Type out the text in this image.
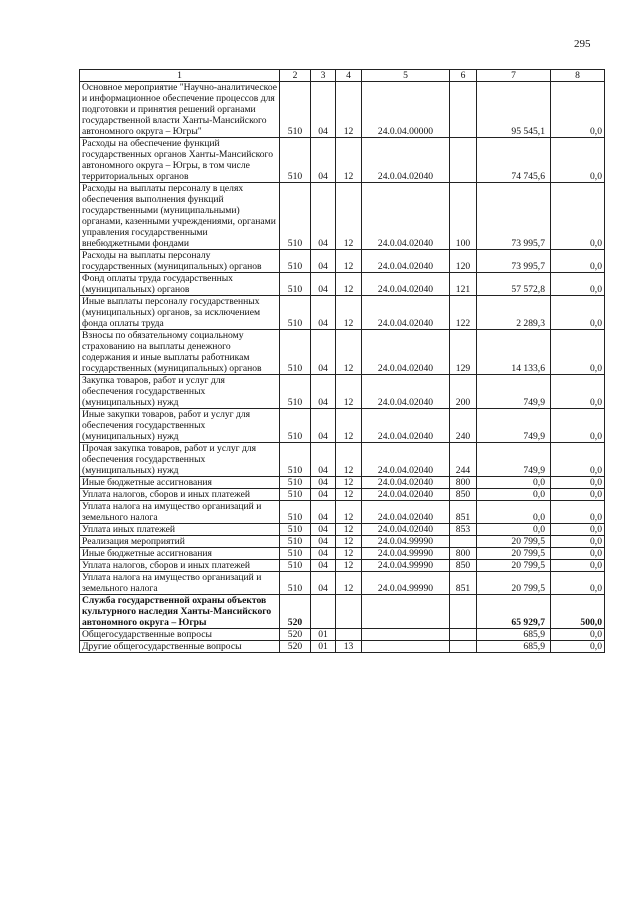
295
1	2	3	4	5	6	7	8
Основное мероприятие "Научно-аналитическое и информационное обеспечение процессов для подготовки и принятия решений органами государственной власти Ханты-Мансийского автономного округа – Югры"	510	04	12	24.0.04.00000		95 545,1	0,0
Расходы на обеспечение функций государственных органов Ханты-Мансийского автономного округа – Югры, в том числе территориальных органов	510	04	12	24.0.04.02040		74 745,6	0,0
Расходы на выплаты персоналу в целях обеспечения выполнения функций государственными (муниципальными) органами, казенными учреждениями, органами управления государственными внебюджетными фондами	510	04	12	24.0.04.02040	100	73 995,7	0,0
Расходы на выплаты персоналу государственных (муниципальных) органов	510	04	12	24.0.04.02040	120	73 995,7	0,0
Фонд оплаты труда государственных (муниципальных) органов	510	04	12	24.0.04.02040	121	57 572,8	0,0
Иные выплаты персоналу государственных (муниципальных) органов, за исключением фонда оплаты труда	510	04	12	24.0.04.02040	122	2 289,3	0,0
Взносы по обязательному социальному страхованию на выплаты денежного содержания и иные выплаты работникам государственных (муниципальных) органов	510	04	12	24.0.04.02040	129	14 133,6	0,0
Закупка товаров, работ и услуг для обеспечения государственных (муниципальных) нужд	510	04	12	24.0.04.02040	200	749,9	0,0
Иные закупки товаров, работ и услуг для обеспечения государственных (муниципальных) нужд	510	04	12	24.0.04.02040	240	749,9	0,0
Прочая закупка товаров, работ и услуг для обеспечения государственных (муниципальных) нужд	510	04	12	24.0.04.02040	244	749,9	0,0
Иные бюджетные ассигнования	510	04	12	24.0.04.02040	800	0,0	0,0
Уплата налогов, сборов и иных платежей	510	04	12	24.0.04.02040	850	0,0	0,0
Уплата налога на имущество организаций и земельного налога	510	04	12	24.0.04.02040	851	0,0	0,0
Уплата иных платежей	510	04	12	24.0.04.02040	853	0,0	0,0
Реализация мероприятий	510	04	12	24.0.04.99990		20 799,5	0,0
Иные бюджетные ассигнования	510	04	12	24.0.04.99990	800	20 799,5	0,0
Уплата налогов, сборов и иных платежей	510	04	12	24.0.04.99990	850	20 799,5	0,0
Уплата налога на имущество организаций и земельного налога	510	04	12	24.0.04.99990	851	20 799,5	0,0
Служба государственной охраны объектов культурного наследия Ханты-Мансийского автономного округа – Югры	520					65 929,7	500,0
Общегосударственные вопросы	520	01				685,9	0,0
Другие общегосударственные вопросы	520	01	13			685,9	0,0
